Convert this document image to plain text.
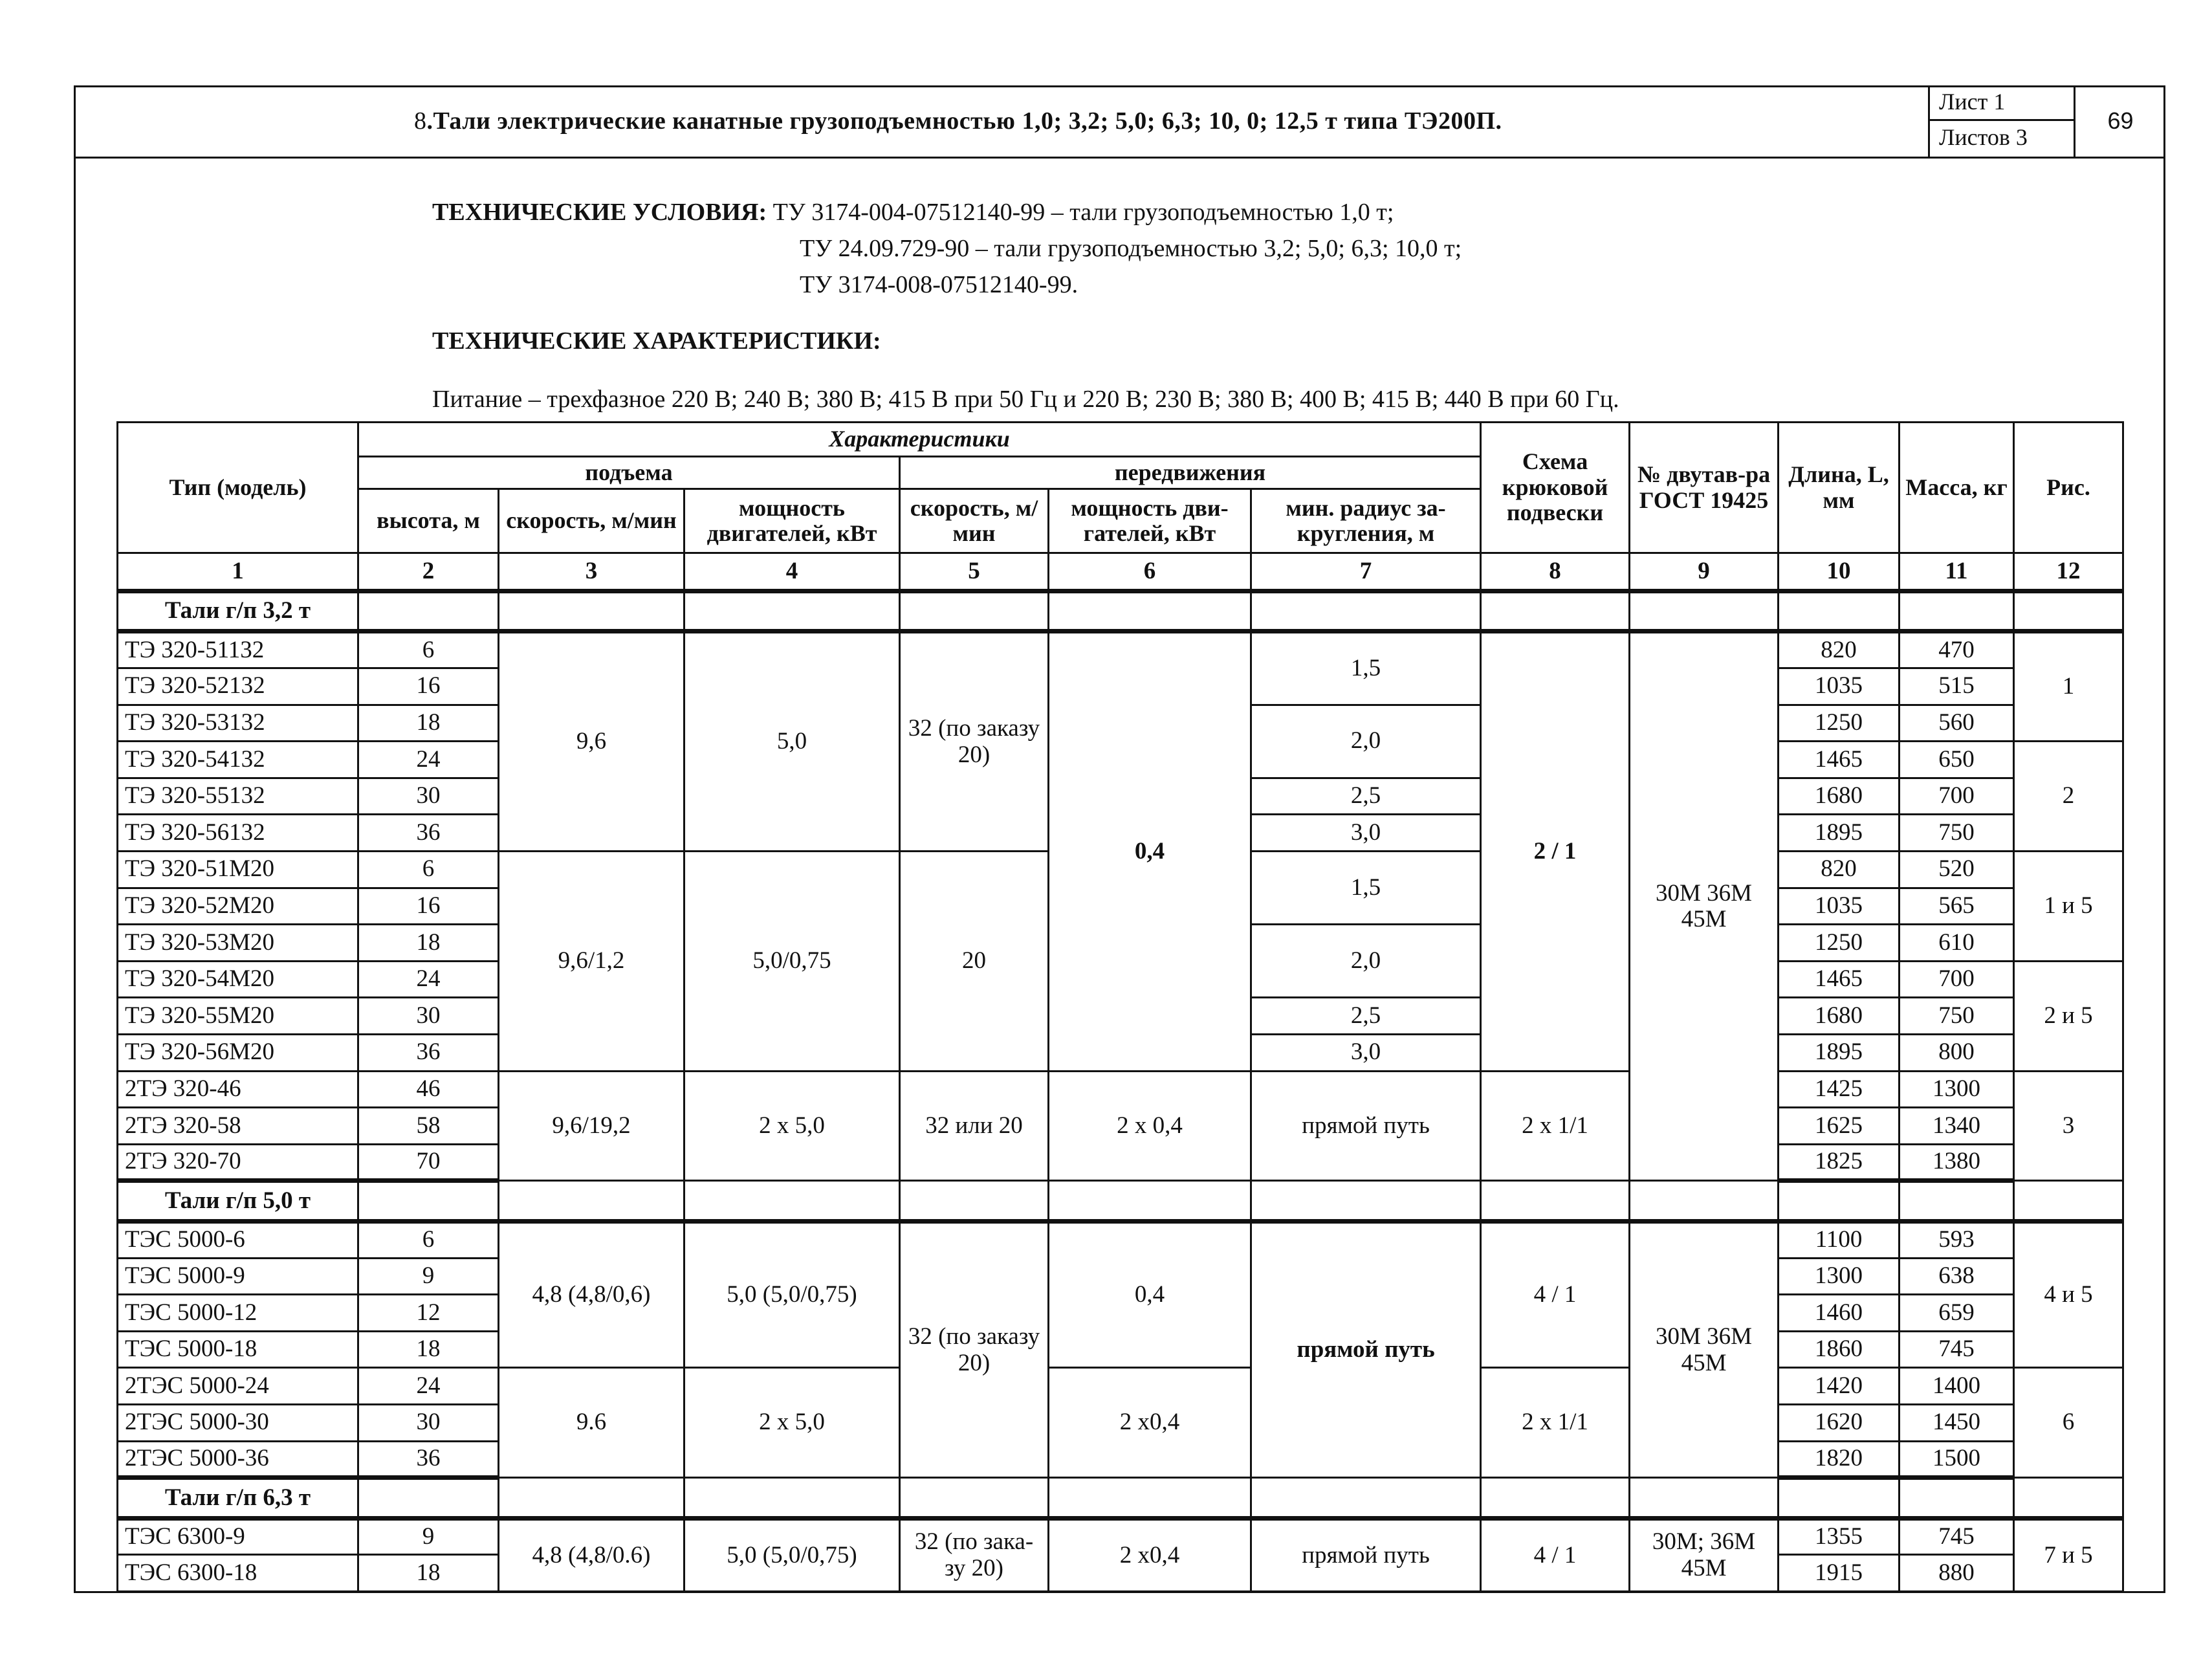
8.Тали электрические канатные грузоподъемностью 1,0; 3,2; 5,0; 6,3; 10, 0; 12,5 т типа ТЭ200П.
Лист 1
Листов 3
69
ТЕХНИЧЕСКИЕ УСЛОВИЯ: ТУ 3174-004-07512140-99 – тали грузоподъемностью 1,0 т;
ТУ 24.09.729-90 – тали грузоподъемностью 3,2; 5,0; 6,3; 10,0 т;
ТУ 3174-008-07512140-99.
ТЕХНИЧЕСКИЕ ХАРАКТЕРИСТИКИ:
Питание – трехфазное 220 В; 240 В; 380 В; 415 В при 50 Гц и 220 В; 230 В; 380 В; 400 В; 415 В; 440 В при 60 Гц.
Тип (модель)	Характеристики						Схема крюковой подвески	№ двутав-ра ГОСТ 19425	Длина, L, мм	Масса, кг	Рис.
	подъема			передвижения							
	высота, м	скорость, м/мин	мощность двигателей, кВт	скорость, м/мин	мощность дви-гателей, кВт	мин. радиус за-кругления, м					
1	2	3	4	5	6	7	8	9	10	11	12
Тали г/п 3,2 т											
ТЭ 320-51132	6	9,6	5,0	32 (по заказу 20)	0,4	1,5	2 / 1	30М 36М 45М	820	470	1
ТЭ 320-52132	16								1035	515	
ТЭ 320-53132	18					2,0			1250	560	
ТЭ 320-54132	24								1465	650	2
ТЭ 320-55132	30					2,5			1680	700	
ТЭ 320-56132	36					3,0			1895	750	
ТЭ 320-51М20	6	9,6/1,2	5,0/0,75	20		1,5			820	520	1 и 5
ТЭ 320-52М20	16								1035	565	
ТЭ 320-53М20	18					2,0			1250	610	
ТЭ 320-54М20	24								1465	700	2 и 5
ТЭ 320-55М20	30					2,5			1680	750	
ТЭ 320-56М20	36					3,0			1895	800	
2ТЭ 320-46	46	9,6/19,2	2 x 5,0	32 или 20	2 x 0,4	прямой путь	2 x 1/1		1425	1300	3
2ТЭ 320-58	58								1625	1340	
2ТЭ 320-70	70								1825	1380	
Тали г/п 5,0 т											
ТЭС 5000-6	6	4,8 (4,8/0,6)	5,0 (5,0/0,75)	32 (по заказу 20)	0,4	прямой путь	4 / 1	30М 36М 45М	1100	593	4 и 5
ТЭС 5000-9	9								1300	638	
ТЭС 5000-12	12								1460	659	
ТЭС 5000-18	18								1860	745	
2ТЭС 5000-24	24	9.6	2 x 5,0		2 x0,4		2 x 1/1		1420	1400	6
2ТЭС 5000-30	30								1620	1450	
2ТЭС 5000-36	36								1820	1500	
Тали г/п 6,3 т											
ТЭС 6300-9	9	4,8 (4,8/0.6)	5,0 (5,0/0,75)	32 (по зака-зу 20)	2 x0,4	прямой путь	4 / 1	30М; 36М 45М	1355	745	7 и 5
ТЭС 6300-18	18								1915	880	
